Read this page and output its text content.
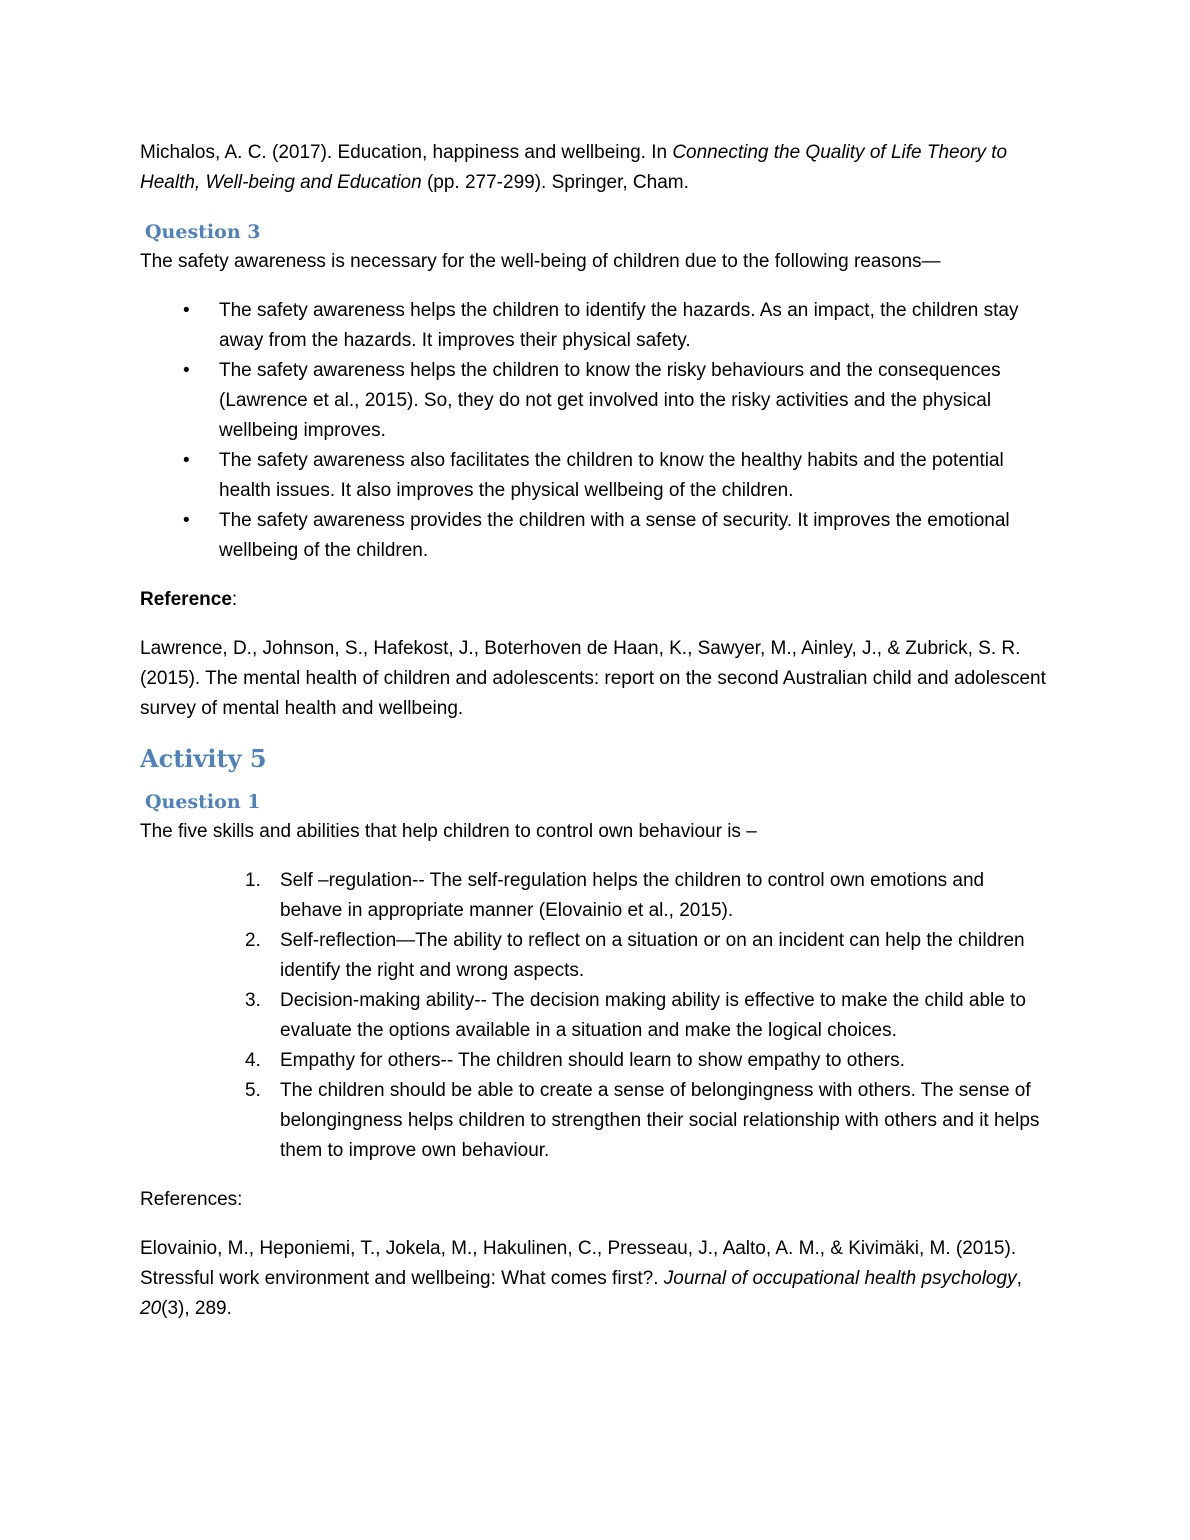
Michalos, A. C. (2017). Education, happiness and wellbeing. In Connecting the Quality of Life Theory to Health, Well-being and Education (pp. 277-299). Springer, Cham.

Question 3

The safety awareness is necessary for the well-being of children due to the following reasons—

• The safety awareness helps the children to identify the hazards. As an impact, the children stay away from the hazards. It improves their physical safety.
• The safety awareness helps the children to know the risky behaviours and the consequences (Lawrence et al., 2015). So, they do not get involved into the risky activities and the physical wellbeing improves.
• The safety awareness also facilitates the children to know the healthy habits and the potential health issues. It also improves the physical wellbeing of the children.
• The safety awareness provides the children with a sense of security. It improves the emotional wellbeing of the children.

Reference:

Lawrence, D., Johnson, S., Hafekost, J., Boterhoven de Haan, K., Sawyer, M., Ainley, J., & Zubrick, S. R. (2015). The mental health of children and adolescents: report on the second Australian child and adolescent survey of mental health and wellbeing.

Activity 5
Question 1

The five skills and abilities that help children to control own behaviour is –

1. Self –regulation-- The self-regulation helps the children to control own emotions and behave in appropriate manner (Elovainio et al., 2015).
2. Self-reflection—The ability to reflect on a situation or on an incident can help the children identify the right and wrong aspects.
3. Decision-making ability-- The decision making ability is effective to make the child able to evaluate the options available in a situation and make the logical choices.
4. Empathy for others-- The children should learn to show empathy to others.
5. The children should be able to create a sense of belongingness with others. The sense of belongingness helps children to strengthen their social relationship with others and it helps them to improve own behaviour.

References:

Elovainio, M., Heponiemi, T., Jokela, M., Hakulinen, C., Presseau, J., Aalto, A. M., & Kivimäki, M. (2015). Stressful work environment and wellbeing: What comes first?. Journal of occupational health psychology, 20(3), 289.
